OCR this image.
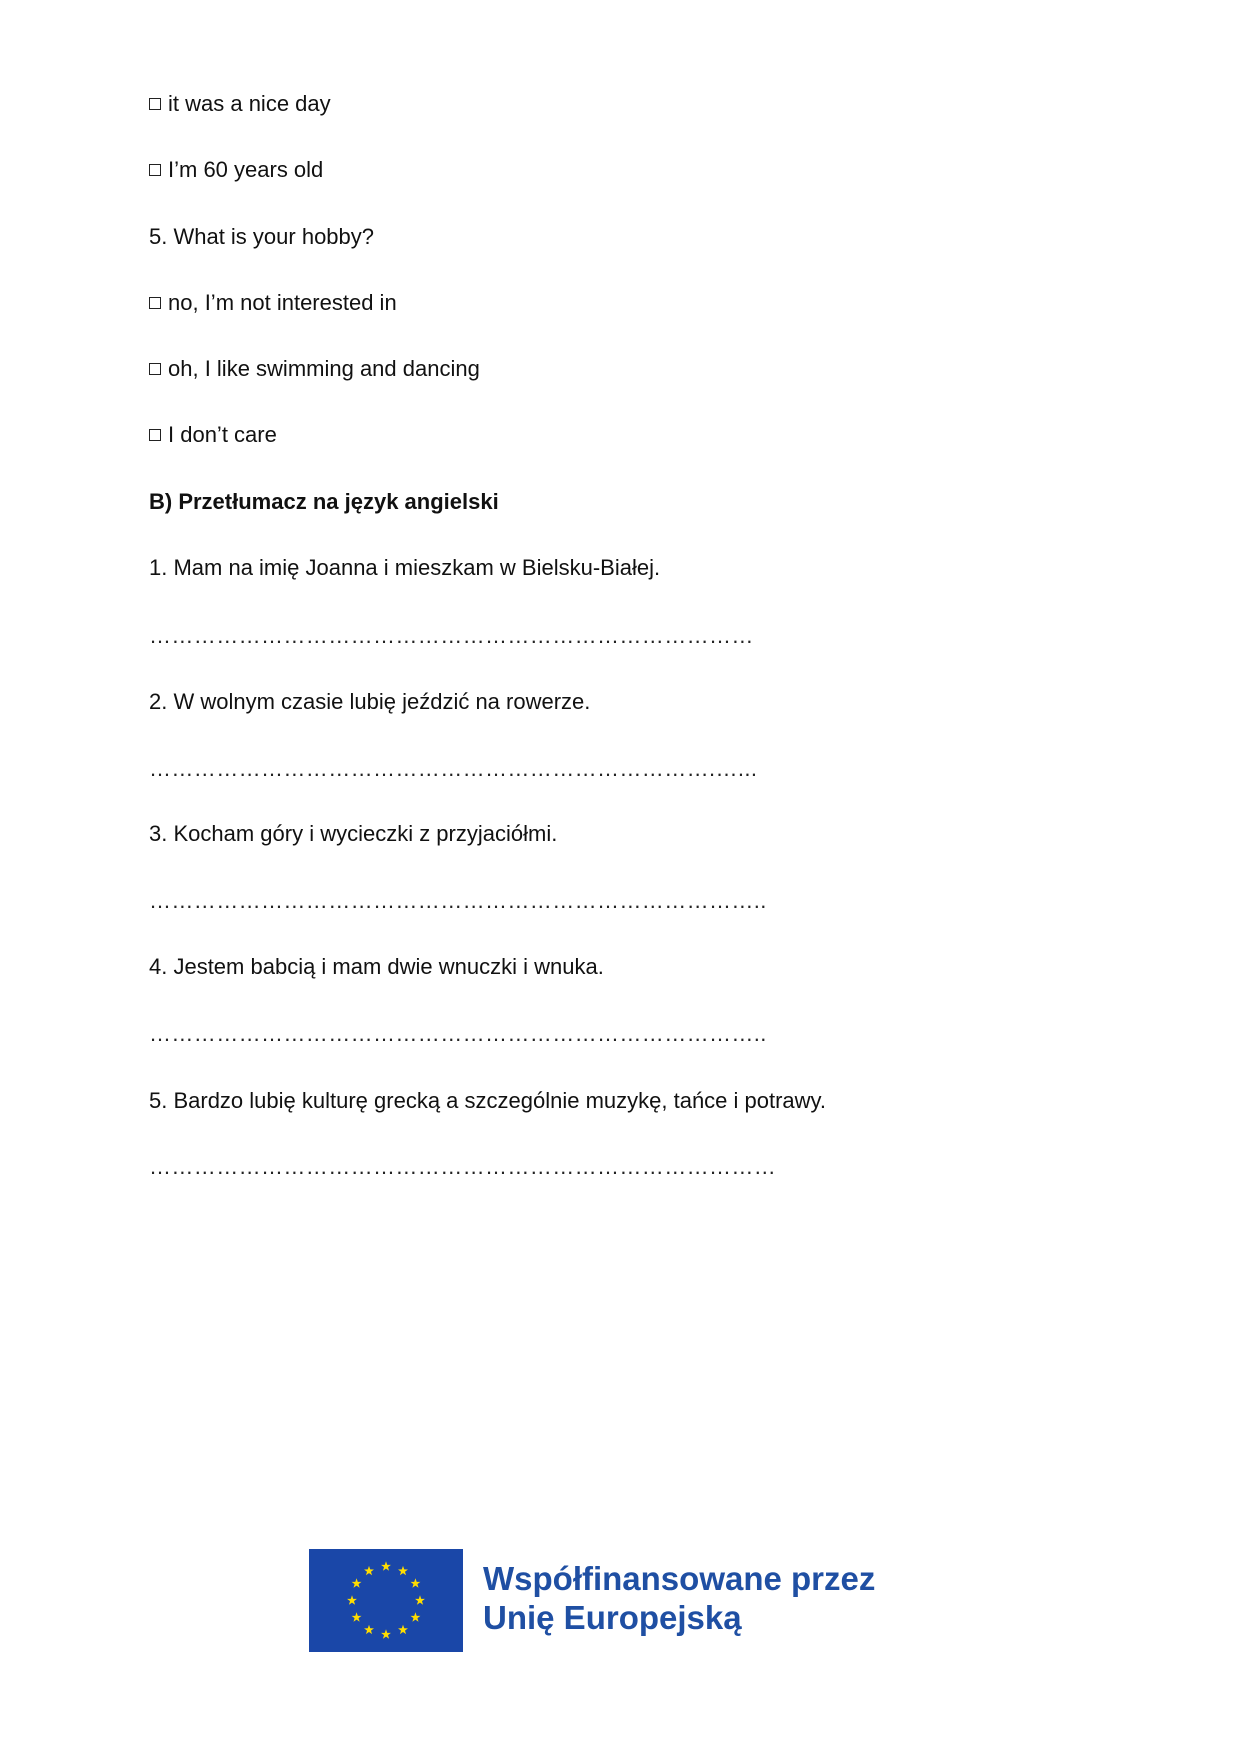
it was a nice day
I’m 60 years old
5. What is your hobby?
no, I’m not interested in
oh, I like swimming and dancing
I don’t care
B) Przetłumacz na język angielski
1. Mam na imię Joanna i mieszkam w Bielsku-Białej.
………………………………………………………………………
2. W wolnym czasie lubię jeździć na rowerze.
………………………………………………………………….…...
3. Kocham góry i wycieczki z przyjaciółmi.
………………………………………………………………………..
4. Jestem babcią i mam dwie wnuczki i wnuka.
………………………………………………………………………..
5. Bardzo lubię kulturę grecką a szczególnie muzykę, tańce i potrawy.
…………………………………………………………………………
Współfinansowane przez
Unię Europejską
